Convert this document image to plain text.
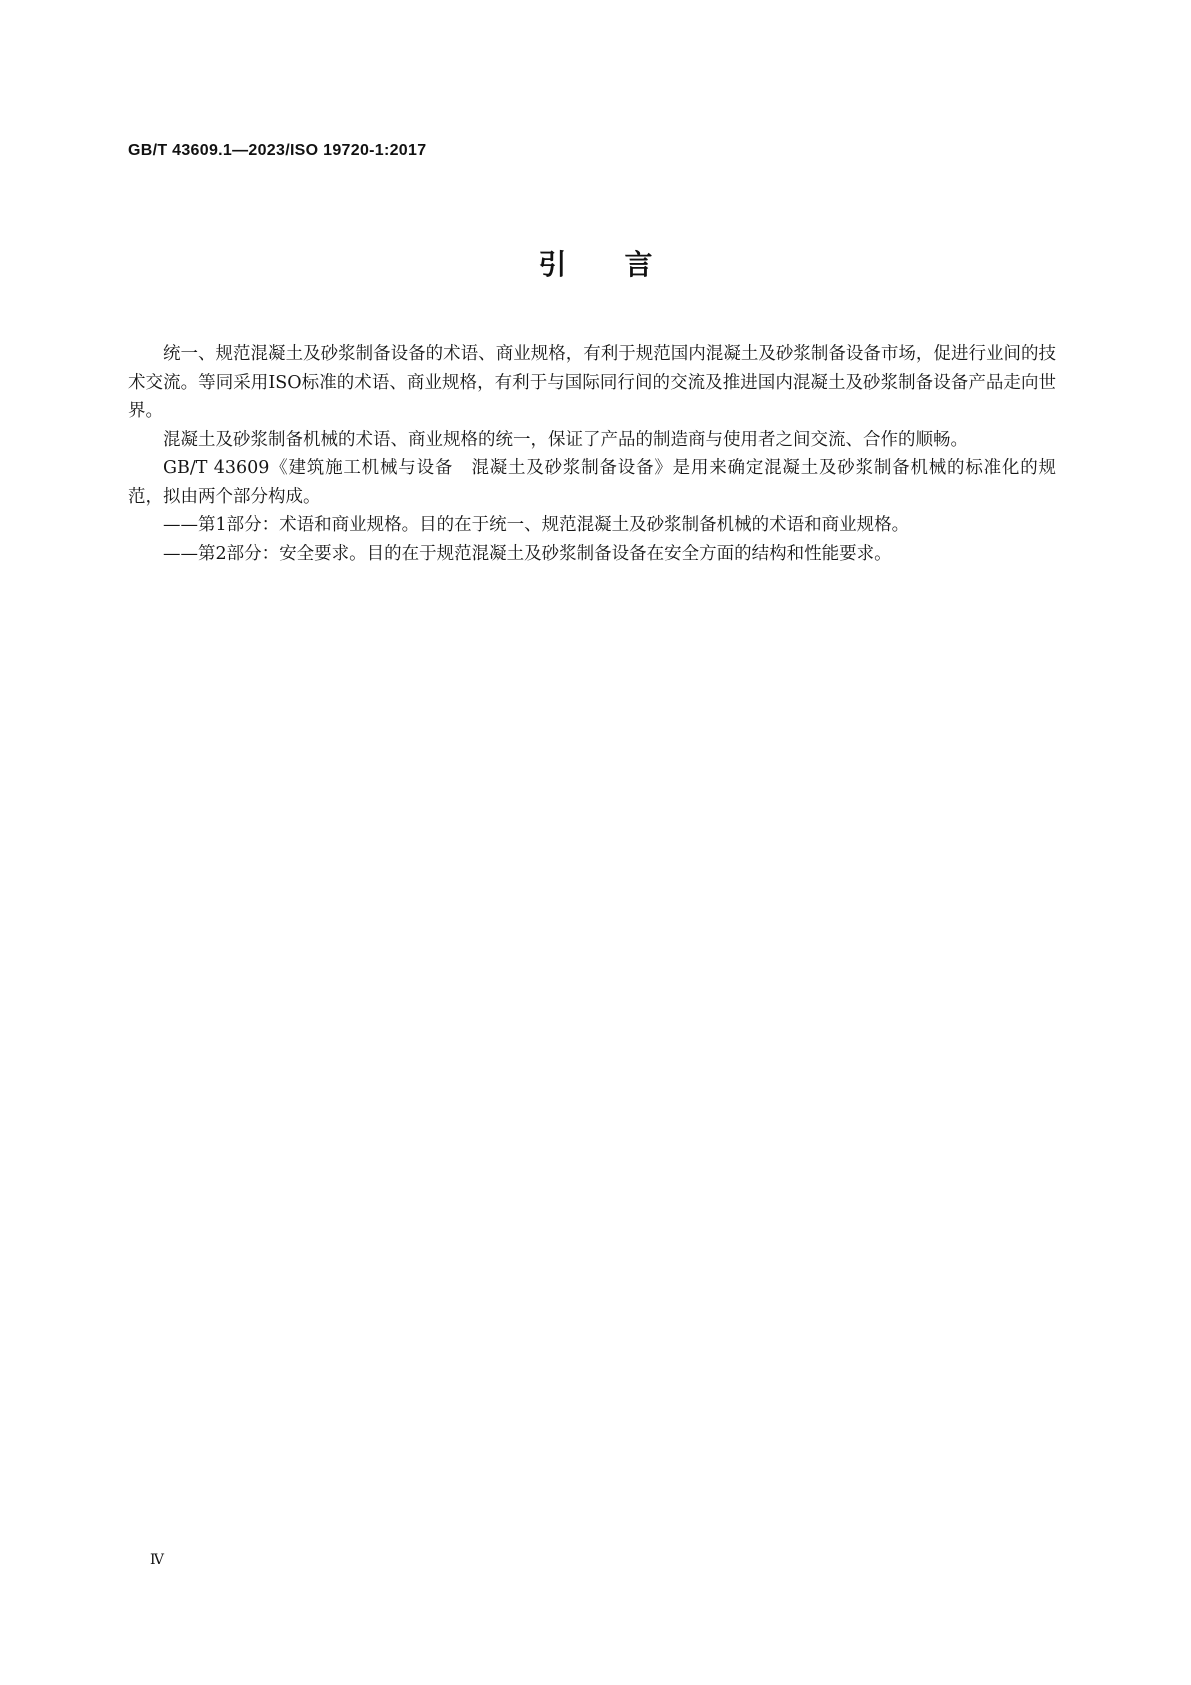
GB/T 43609.1—2023/ISO 19720-1:2017
引言

统一、规范混凝土及砂浆制备设备的术语、商业规格，有利于规范国内混凝土及砂浆制备设备市场，促进行业间的技术交流。等同采用ISO标准的术语、商业规格，有利于与国际同行间的交流及推进国内混凝土及砂浆制备设备产品走向世界。

混凝土及砂浆制备机械的术语、商业规格的统一，保证了产品的制造商与使用者之间交流、合作的顺畅。

GB/T 43609《建筑施工机械与设备　混凝土及砂浆制备设备》是用来确定混凝土及砂浆制备机械的标准化的规范，拟由两个部分构成。

——第1部分：术语和商业规格。目的在于统一、规范混凝土及砂浆制备机械的术语和商业规格。

——第2部分：安全要求。目的在于规范混凝土及砂浆制备设备在安全方面的结构和性能要求。

Ⅳ
